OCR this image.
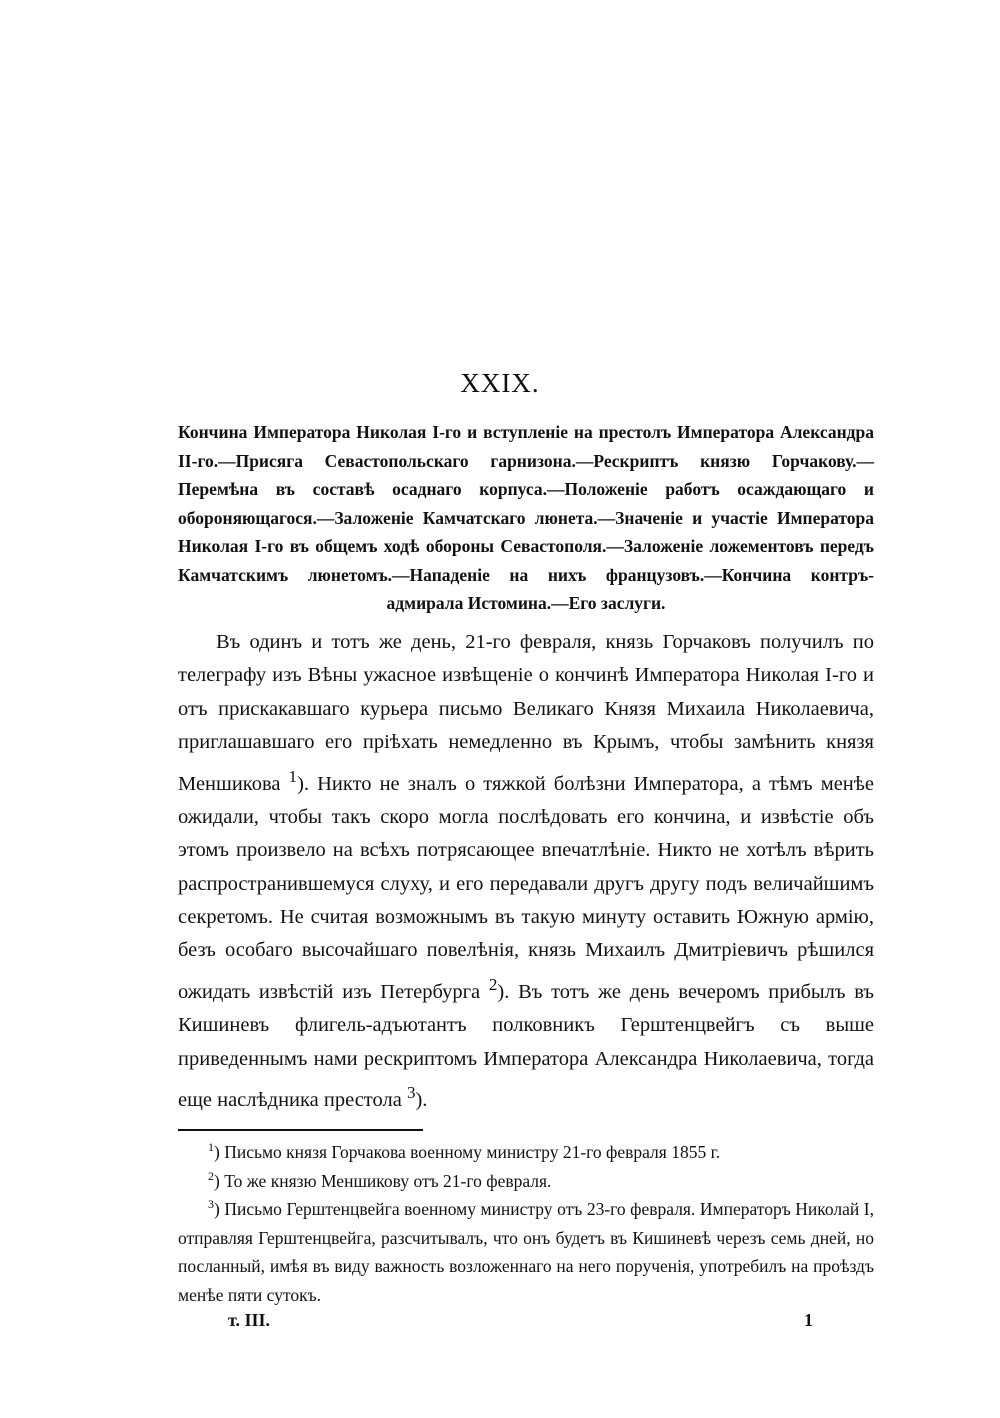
XXIX.
Кончина Императора Николая I-го и вступленіе на престолъ Императора Александра II-го.—Присяга Севастопольскаго гарнизона.—Рескриптъ князю Горчакову.—Перемѣна въ составѣ осаднаго корпуса.—Положеніе работъ осаждающаго и обороняющагося.—Заложеніе Камчатскаго люнета.—Значеніе и участіе Императора Николая I-го въ общемъ ходѣ обороны Севастополя.—Заложеніе ложементовъ передъ Камчатскимъ люнетомъ.—Нападеніе на нихъ французовъ.—Кончина контръ-адмирала Истомина.—Его заслуги.

Въ одинъ и тотъ же день, 21-го февраля, князь Горчаковъ получилъ по телеграфу изъ Вѣны ужасное извѣщеніе о кончинѣ Императора Николая I-го и отъ прискакавшаго курьера письмо Великаго Князя Михаила Николаевича, приглашавшаго его пріѣхать немедленно въ Крымъ, чтобы замѣнить князя Меншикова $^1$). Никто не зналъ о тяжкой болѣзни Императора, а тѣмъ менѣе ожидали, чтобы такъ скоро могла послѣдовать его кончина, и извѣстіе объ этомъ произвело на всѣхъ потрясающее впечатлѣніе. Никто не хотѣлъ вѣрить распространившемуся слуху, и его передавали другъ другу подъ величайшимъ секретомъ. Не считая возможнымъ въ такую минуту оставить Южную армію, безъ особаго высочайшаго повелѣнія, князь Михаилъ Дмитріевичъ рѣшился ожидать извѣстій изъ Петербурга $^2$). Въ тотъ же день вечеромъ прибылъ въ Кишиневъ флигель-адъютантъ полковникъ Герштенцвейгъ съ выше приведеннымъ нами рескриптомъ Императора Александра Николаевича, тогда еще наслѣдника престола $^3$).

$^1$) Письмо князя Горчакова военному министру 21-го февраля 1855 г.

$^2$) То же князю Меншикову отъ 21-го февраля.

$^3$) Письмо Герштенцвейга военному министру отъ 23-го февраля. Императоръ Николай I, отправляя Герштенцвейга, разсчитывалъ, что онъ будетъ въ Кишиневѣ черезъ семь дней, но посланный, имѣя въ виду важность возложеннаго на него порученія, употребилъ на проѣздъ менѣе пяти сутокъ.

т. III.	1
